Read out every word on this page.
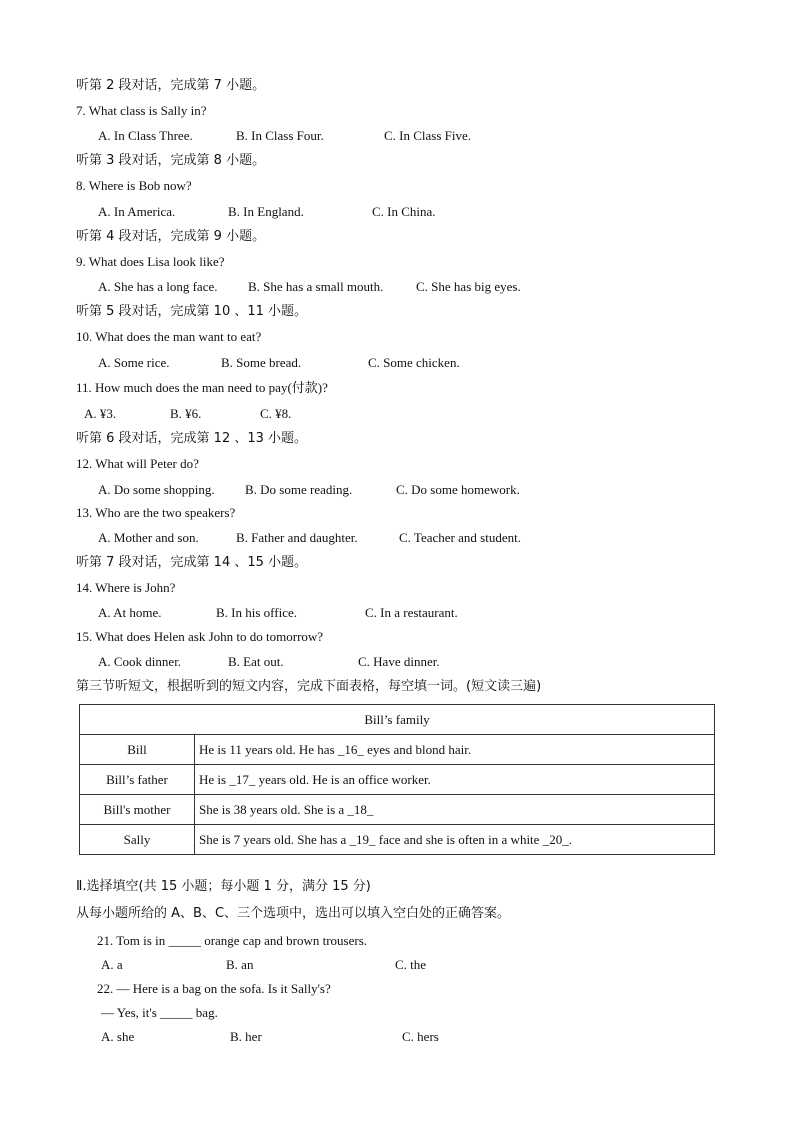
听第 2 段对话，完成第 7 小题。
7. What class is Sally in?
A. In Class Three.	B. In Class Four.	C. In Class Five.
听第 3 段对话，完成第 8 小题。
8. Where is Bob now?
A. In America.	B. In England.	C. In China.
听第 4 段对话，完成第 9 小题。
9. What does Lisa look like?
A. She has a long face. B. She has a small mouth.	C. She has big eyes.
听第 5 段对话，完成第 10 、11 小题。
10. What does the man want to eat?
A. Some rice.	B. Some bread.	C. Some chicken.
11. How much does the man need to pay(付款)?
A. ¥3.	B. ¥6.	C. ¥8.
听第 6 段对话，完成第 12 、13 小题。
12. What will Peter do?
A. Do some shopping. B. Do some reading.	C. Do some homework.
13. Who are the two speakers?
A. Mother and son.	B. Father and daughter.	C. Teacher and student.
听第 7 段对话，完成第 14 、15 小题。
14. Where is John?
A. At home.	B. In his office.	C. In a restaurant.
15. What does Helen ask John to do tomorrow?
A. Cook dinner.	B. Eat out.	C. Have dinner.
第三节听短文，根据听到的短文内容，完成下面表格，每空填一词。(短文读三遍)
Bill’s family	
Bill	He is 11 years old. He has _16_ eyes and blond hair.
Bill’s father	He is _17_ years old. He is an office worker.
Bill's mother	She is 38 years old. She is a _18_
Sally	She is 7 years old. She has a _19_ face and she is often in a white _20_.
Ⅱ.选择填空(共 15 小题；每小题 1 分，满分 15 分)
从每小题所给的 A、B、C、三个选项中，选出可以填入空白处的正确答案。
21. Tom is in _____ orange cap and brown trousers.
A. a	B. an	C. the
22. — Here is a bag on the sofa. Is it Sally's?
— Yes, it's _____ bag.
A. she	B. her	C. hers
